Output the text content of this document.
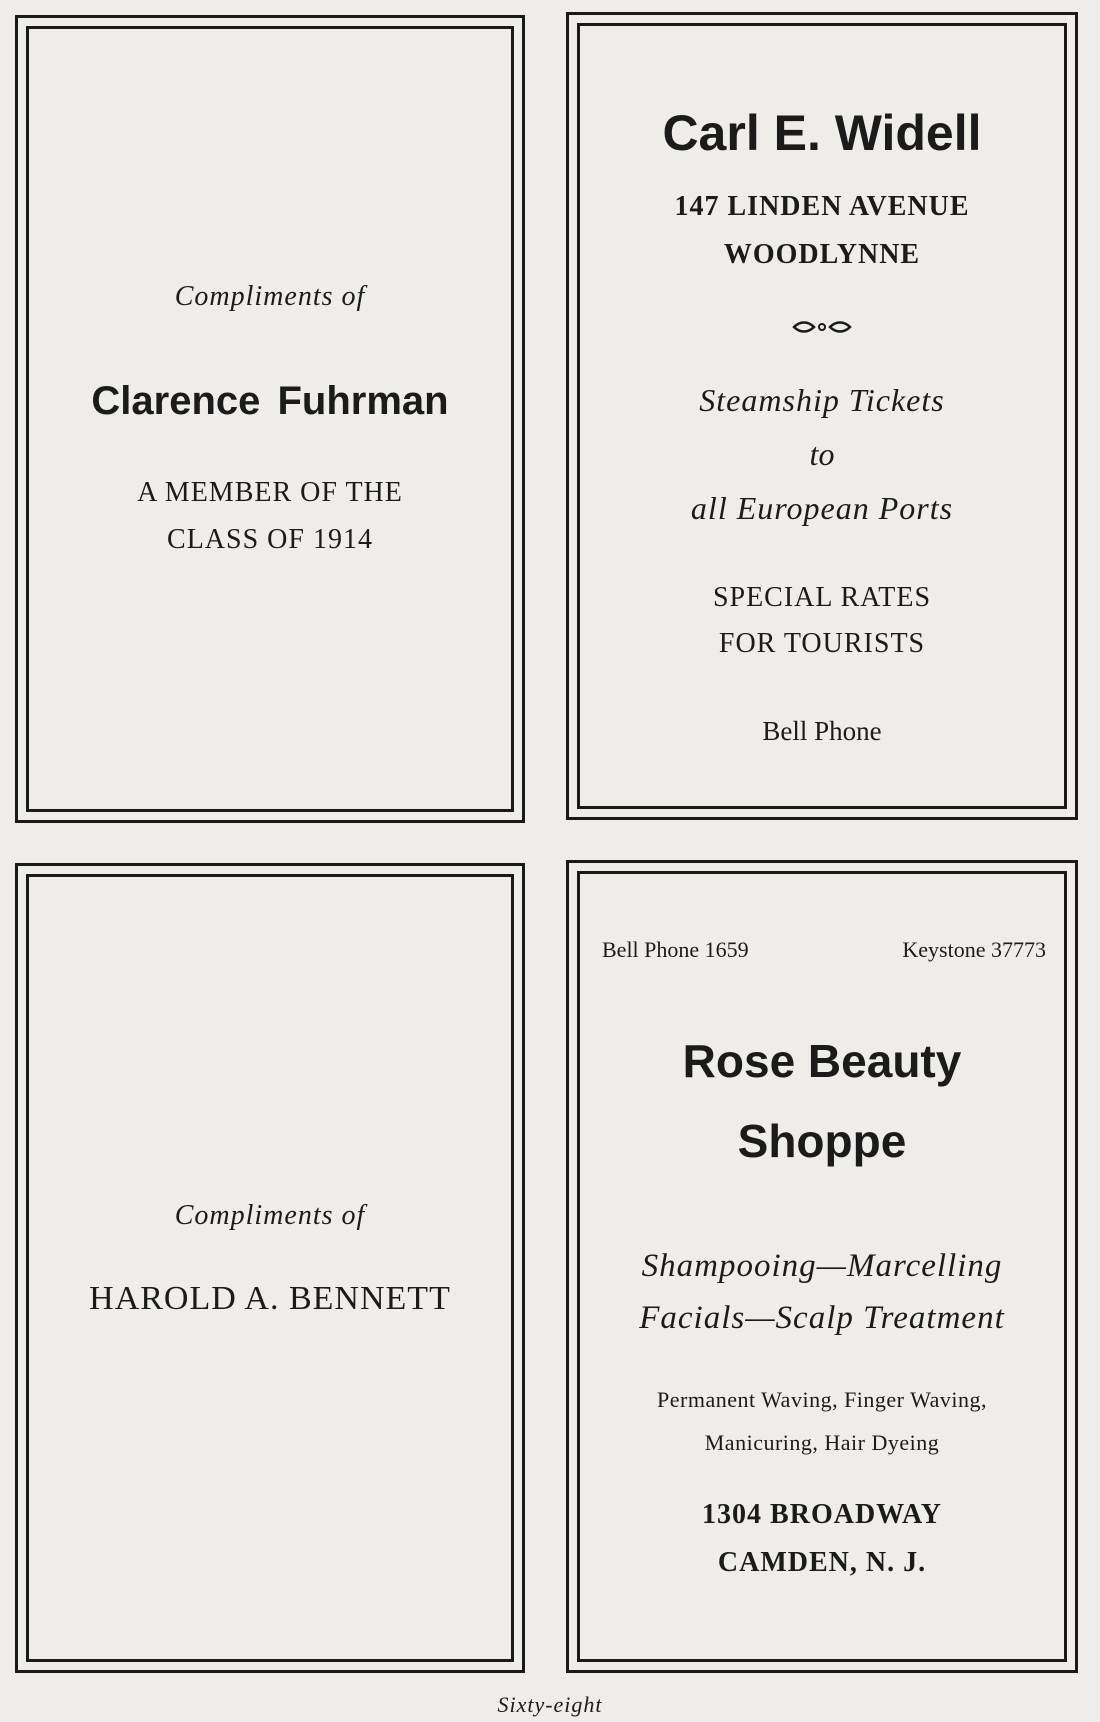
Compliments of
Clarence Fuhrman
A MEMBER OF THE
CLASS OF 1914
Carl E. Widell
147 LINDEN AVENUE
WOODLYNNE
Steamship Tickets
to
all European Ports
SPECIAL RATES
FOR TOURISTS
Bell Phone
Compliments of
HAROLD A. BENNETT
Bell Phone 1659	Keystone 37773
Rose Beauty
Shoppe
Shampooing—Marcelling
Facials—Scalp Treatment
Permanent Waving, Finger Waving,
Manicuring, Hair Dyeing
1304 BROADWAY
CAMDEN, N. J.
Sixty-eight
